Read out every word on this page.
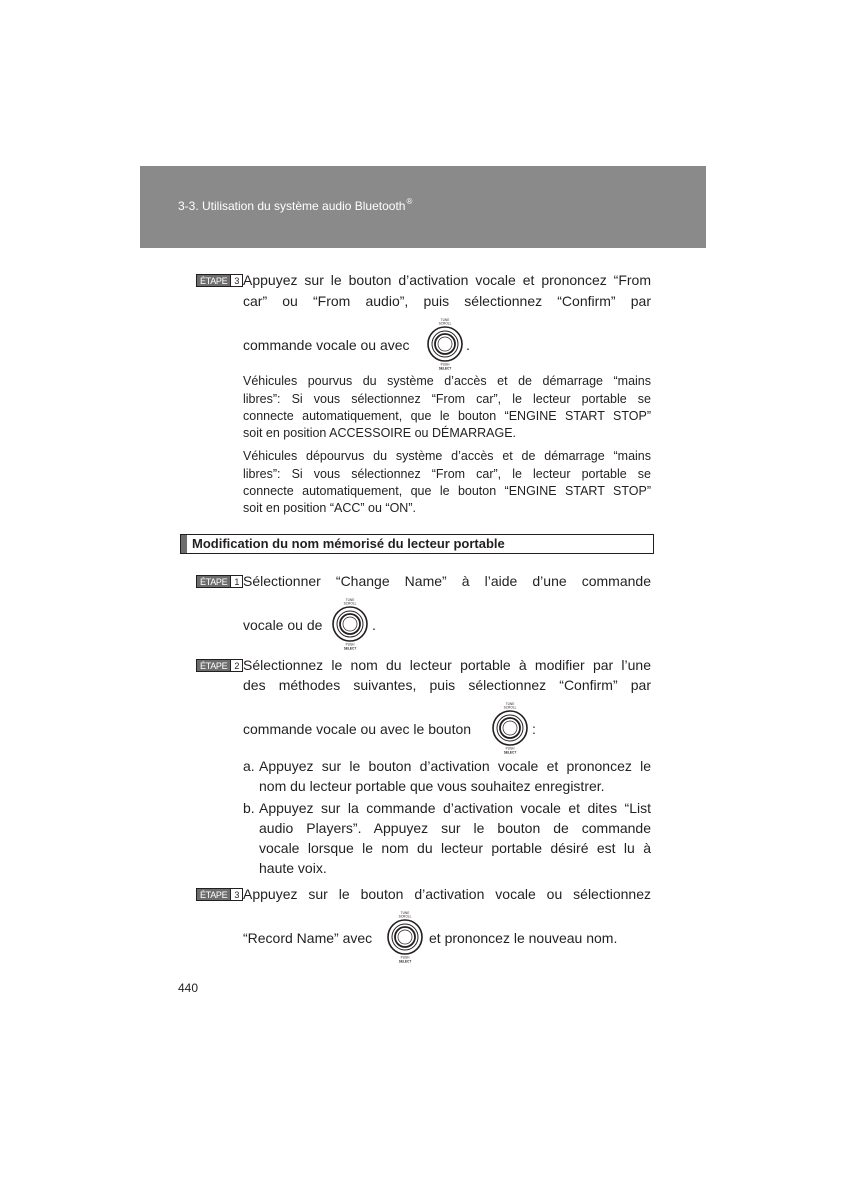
3-3. Utilisation du système audio Bluetooth®
ÉTAPE 3 Appuyez sur le bouton d’activation vocale et prononcez “From
car” ou “From audio”, puis sélectionnez “Confirm” par
commande vocale ou avec
TUNE
SCROLL
PUSH
SELECT
.
Véhicules pourvus du système d’accès et de démarrage “mains
libres”: Si vous sélectionnez “From car”, le lecteur portable se
connecte automatiquement, que le bouton “ENGINE START STOP”
soit en position ACCESSOIRE ou DÉMARRAGE.
Véhicules dépourvus du système d’accès et de démarrage “mains
libres”: Si vous sélectionnez “From car”, le lecteur portable se
connecte automatiquement, que le bouton “ENGINE START STOP”
soit en position “ACC” ou “ON”.
Modification du nom mémorisé du lecteur portable
ÉTAPE 1 Sélectionner “Change Name” à l’aide d’une commande
vocale ou de
TUNE
SCROLL
PUSH
SELECT
.
ÉTAPE 2 Sélectionnez le nom du lecteur portable à modifier par l’une
des méthodes suivantes, puis sélectionnez “Confirm” par
commande vocale ou avec le bouton
TUNE
SCROLL
PUSH
SELECT
:
a. Appuyez sur le bouton d’activation vocale et prononcez le
nom du lecteur portable que vous souhaitez enregistrer.
b. Appuyez sur la commande d’activation vocale et dites “List
audio Players”. Appuyez sur le bouton de commande
vocale lorsque le nom du lecteur portable désiré est lu à
haute voix.
ÉTAPE 3 Appuyez sur le bouton d’activation vocale ou sélectionnez
“Record Name” avec
TUNE
SCROLL
PUSH
SELECT
et prononcez le nouveau nom.
440
